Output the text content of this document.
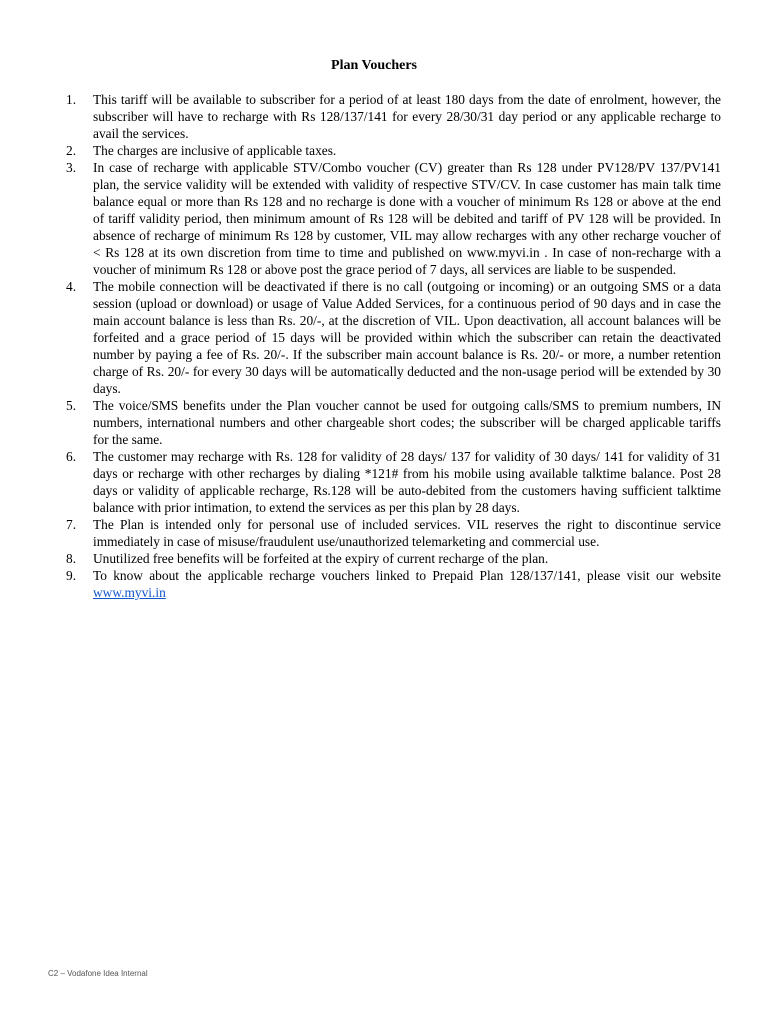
Plan Vouchers
1. This tariff will be available to subscriber for a period of at least 180 days from the date of enrolment, however, the subscriber will have to recharge with Rs 128/137/141 for every 28/30/31 day period or any applicable recharge to avail the services.
2. The charges are inclusive of applicable taxes.
3. In case of recharge with applicable STV/Combo voucher (CV) greater than Rs 128 under PV128/PV 137/PV141 plan, the service validity will be extended with validity of respective STV/CV. In case customer has main talk time balance equal or more than Rs 128 and no recharge is done with a voucher of minimum Rs 128 or above at the end of tariff validity period, then minimum amount of Rs 128 will be debited and tariff of PV 128 will be provided. In absence of recharge of minimum Rs 128 by customer, VIL may allow recharges with any other recharge voucher of < Rs 128 at its own discretion from time to time and published on www.myvi.in . In case of non-recharge with a voucher of minimum Rs 128 or above post the grace period of 7 days, all services are liable to be suspended.
4. The mobile connection will be deactivated if there is no call (outgoing or incoming) or an outgoing SMS or a data session (upload or download) or usage of Value Added Services, for a continuous period of 90 days and in case the main account balance is less than Rs. 20/-, at the discretion of VIL. Upon deactivation, all account balances will be forfeited and a grace period of 15 days will be provided within which the subscriber can retain the deactivated number by paying a fee of Rs. 20/-. If the subscriber main account balance is Rs. 20/- or more, a number retention charge of Rs. 20/- for every 30 days will be automatically deducted and the non-usage period will be extended by 30 days.
5. The voice/SMS benefits under the Plan voucher cannot be used for outgoing calls/SMS to premium numbers, IN numbers, international numbers and other chargeable short codes; the subscriber will be charged applicable tariffs for the same.
6. The customer may recharge with Rs. 128 for validity of 28 days/ 137 for validity of 30 days/ 141 for validity of 31 days or recharge with other recharges by dialing *121# from his mobile using available talktime balance. Post 28 days or validity of applicable recharge, Rs.128 will be auto-debited from the customers having sufficient talktime balance with prior intimation, to extend the services as per this plan by 28 days.
7. The Plan is intended only for personal use of included services. VIL reserves the right to discontinue service immediately in case of misuse/fraudulent use/unauthorized telemarketing and commercial use.
8. Unutilized free benefits will be forfeited at the expiry of current recharge of the plan.
9. To know about the applicable recharge vouchers linked to Prepaid Plan 128/137/141, please visit our website www.myvi.in
C2 – Vodafone Idea Internal
